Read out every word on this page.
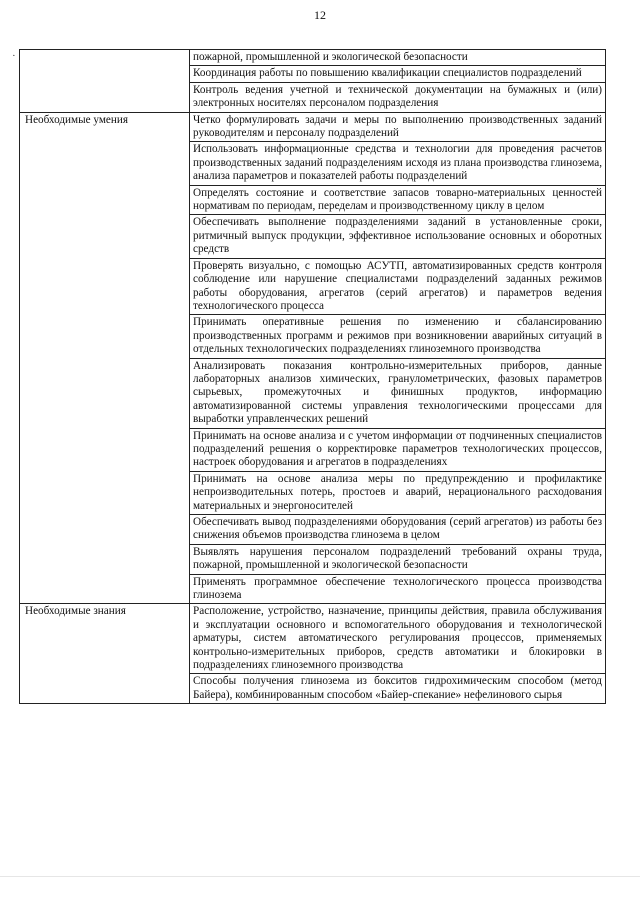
12
·

	пожарной, промышленной и экологической безопасности

	Координация работы по повышению квалификации специалистов подразделений

	Контроль ведения учетной и технической документации на бумажных и (или) электронных носителях персоналом подразделения

Необходимые умения	Четко формулировать задачи и меры по выполнению производственных заданий руководителям и персоналу подразделений

	Использовать информационные средства и технологии для проведения расчетов производственных заданий подразделениям исходя из плана производства глинозема, анализа параметров и показателей работы подразделений

	Определять состояние и соответствие запасов товарно-материальных ценностей нормативам по периодам, переделам и производственному циклу в целом

	Обеспечивать выполнение подразделениями заданий в установленные сроки, ритмичный выпуск продукции, эффективное использование основных и оборотных средств

	Проверять визуально, с помощью АСУТП, автоматизированных средств контроля соблюдение или нарушение специалистами подразделений заданных режимов работы оборудования, агрегатов (серий агрегатов) и параметров ведения технологического процесса

	Принимать оперативные решения по изменению и сбалансированию производственных программ и режимов при возникновении аварийных ситуаций в отдельных технологических подразделениях глиноземного производства

	Анализировать показания контрольно-измерительных приборов, данные лабораторных анализов химических, гранулометрических, фазовых параметров сырьевых, промежуточных и финишных продуктов, информацию автоматизированной системы управления технологическими процессами для выработки управленческих решений

	Принимать на основе анализа и с учетом информации от подчиненных специалистов подразделений решения о корректировке параметров технологических процессов, настроек оборудования и агрегатов в подразделениях

	Принимать на основе анализа меры по предупреждению и профилактике непроизводительных потерь, простоев и аварий, нерационального расходования материальных и энергоносителей

	Обеспечивать вывод подразделениями оборудования (серий агрегатов) из работы без снижения объемов производства глинозема в целом

	Выявлять нарушения персоналом подразделений требований охраны труда, пожарной, промышленной и экологической безопасности

	Применять программное обеспечение технологического процесса производства глинозема

Необходимые знания	Расположение, устройство, назначение, принципы действия, правила обслуживания и эксплуатации основного и вспомогательного оборудования и технологической арматуры, систем автоматического регулирования процессов, применяемых контрольно-измерительных приборов, средств автоматики и блокировки в подразделениях глиноземного производства

	Способы получения глинозема из бокситов гидрохимическим способом (метод Байера), комбинированным способом «Байер-спекание» нефелинового сырья
